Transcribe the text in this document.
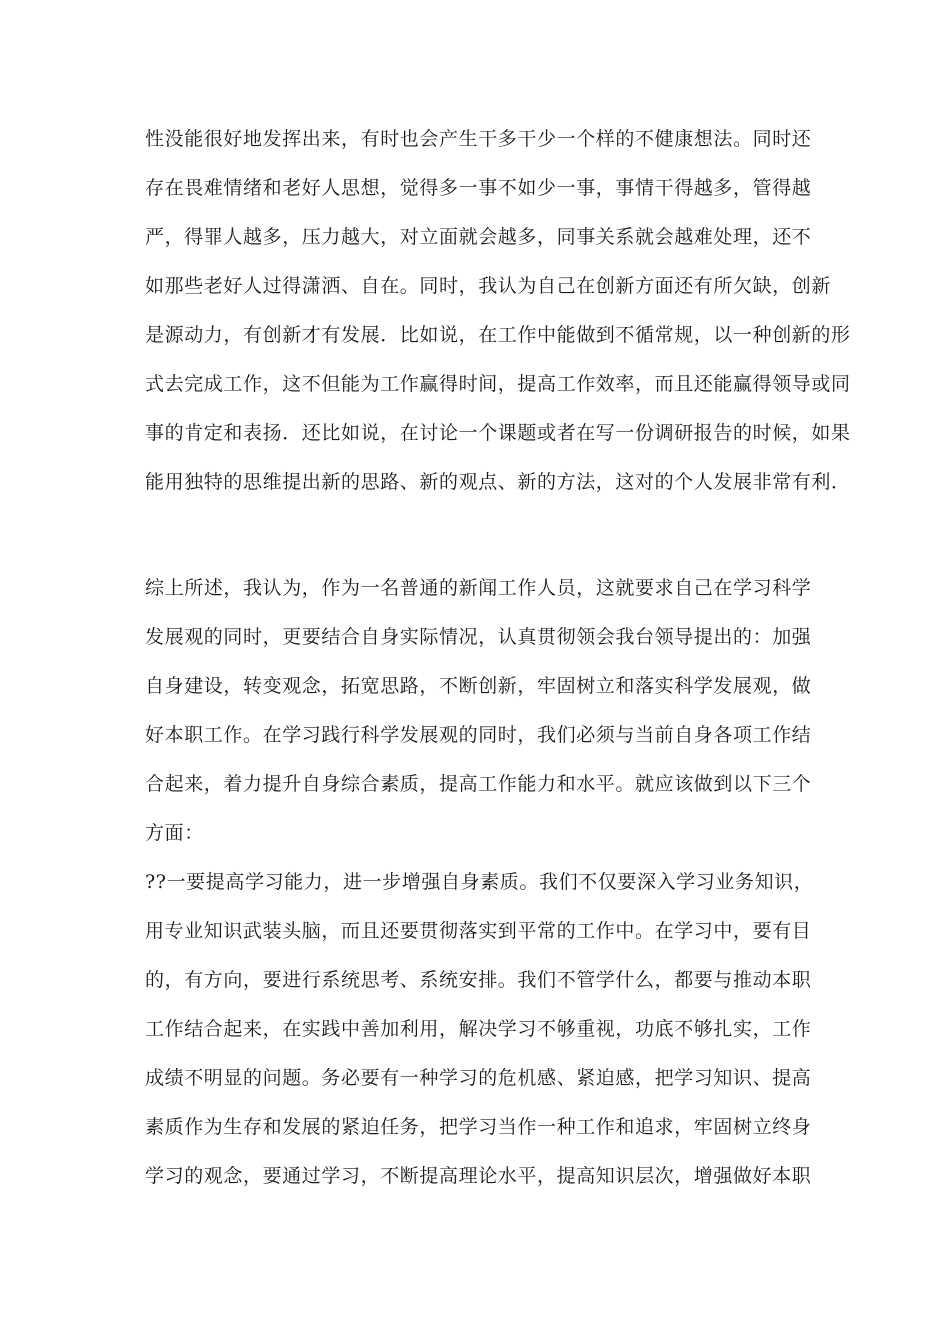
性没能很好地发挥出来，有时也会产生干多干少一个样的不健康想法。同时还

存在畏难情绪和老好人思想，觉得多一事不如少一事，事情干得越多，管得越

严，得罪人越多，压力越大，对立面就会越多，同事关系就会越难处理，还不

如那些老好人过得潇洒、自在。同时，我认为自己在创新方面还有所欠缺，创新

是源动力，有创新才有发展．比如说，在工作中能做到不循常规，以一种创新的形

式去完成工作，这不但能为工作赢得时间，提高工作效率，而且还能赢得领导或同

事的肯定和表扬．还比如说，在讨论一个课题或者在写一份调研报告的时候，如果

能用独特的思维提出新的思路、新的观点、新的方法，这对的个人发展非常有利．

综上所述，我认为，作为一名普通的新闻工作人员，这就要求自己在学习科学

发展观的同时，更要结合自身实际情况，认真贯彻领会我台领导提出的：加强

自身建设，转变观念，拓宽思路，不断创新，牢固树立和落实科学发展观，做

好本职工作。在学习践行科学发展观的同时，我们必须与当前自身各项工作结

合起来，着力提升自身综合素质，提高工作能力和水平。就应该做到以下三个

方面：

??一要提高学习能力，进一步增强自身素质。我们不仅要深入学习业务知识，

用专业知识武装头脑，而且还要贯彻落实到平常的工作中。在学习中，要有目

的，有方向，要进行系统思考、系统安排。我们不管学什么，都要与推动本职

工作结合起来，在实践中善加利用，解决学习不够重视，功底不够扎实，工作

成绩不明显的问题。务必要有一种学习的危机感、紧迫感，把学习知识、提高

素质作为生存和发展的紧迫任务，把学习当作一种工作和追求，牢固树立终身

学习的观念，要通过学习，不断提高理论水平，提高知识层次，增强做好本职
